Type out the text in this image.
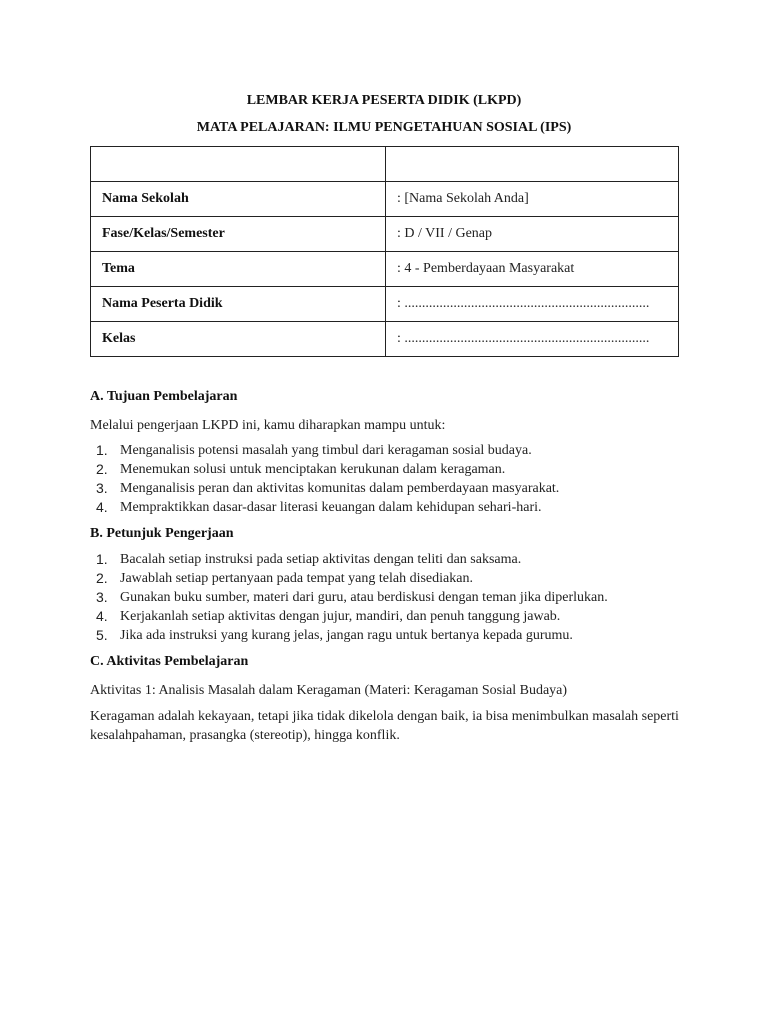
LEMBAR KERJA PESERTA DIDIK (LKPD)
MATA PELAJARAN: ILMU PENGETAHUAN SOSIAL (IPS)

Nama Sekolah	: [Nama Sekolah Anda]
Fase/Kelas/Semester	: D / VII / Genap
Tema	: 4 - Pemberdayaan Masyarakat
Nama Peserta Didik	: ......................................................................
Kelas	: ......................................................................
A. Tujuan Pembelajaran
Melalui pengerjaan LKPD ini, kamu diharapkan mampu untuk:
1. Menganalisis potensi masalah yang timbul dari keragaman sosial budaya.
2. Menemukan solusi untuk menciptakan kerukunan dalam keragaman.
3. Menganalisis peran dan aktivitas komunitas dalam pemberdayaan masyarakat.
4. Mempraktikkan dasar-dasar literasi keuangan dalam kehidupan sehari-hari.
B. Petunjuk Pengerjaan
1. Bacalah setiap instruksi pada setiap aktivitas dengan teliti dan saksama.
2. Jawablah setiap pertanyaan pada tempat yang telah disediakan.
3. Gunakan buku sumber, materi dari guru, atau berdiskusi dengan teman jika diperlukan.
4. Kerjakanlah setiap aktivitas dengan jujur, mandiri, dan penuh tanggung jawab.
5. Jika ada instruksi yang kurang jelas, jangan ragu untuk bertanya kepada gurumu.
C. Aktivitas Pembelajaran
Aktivitas 1: Analisis Masalah dalam Keragaman (Materi: Keragaman Sosial Budaya)
Keragaman adalah kekayaan, tetapi jika tidak dikelola dengan baik, ia bisa menimbulkan masalah seperti kesalahpahaman, prasangka (stereotip), hingga konflik.
